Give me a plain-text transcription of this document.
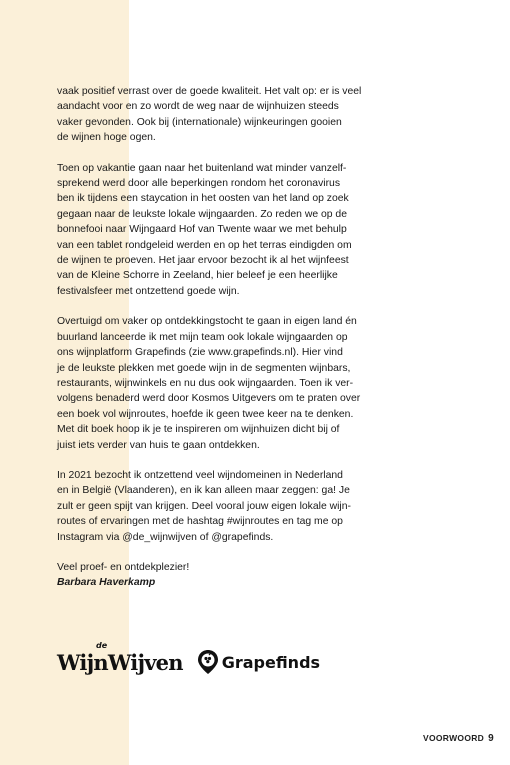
vaak positief verrast over de goede kwaliteit. Het valt op: er is veel
aandacht voor en zo wordt de weg naar de wijnhuizen steeds
vaker gevonden. Ook bij (internationale) wijnkeuringen gooien
de wijnen hoge ogen.

Toen op vakantie gaan naar het buitenland wat minder vanzelf-
sprekend werd door alle beperkingen rondom het coronavirus
ben ik tijdens een staycation in het oosten van het land op zoek
gegaan naar de leukste lokale wijngaarden. Zo reden we op de
bonnefooi naar Wijngaard Hof van Twente waar we met behulp
van een tablet rondgeleid werden en op het terras eindigden om
de wijnen te proeven. Het jaar ervoor bezocht ik al het wijnfeest
van de Kleine Schorre in Zeeland, hier beleef je een heerlijke
festivalsfeer met ontzettend goede wijn.

Overtuigd om vaker op ontdekkingstocht te gaan in eigen land én
buurland lanceerde ik met mijn team ook lokale wijngaarden op
ons wijnplatform Grapefinds (zie www.grapefinds.nl). Hier vind
je de leukste plekken met goede wijn in de segmenten wijnbars,
restaurants, wijnwinkels en nu dus ook wijngaarden. Toen ik ver-
volgens benaderd werd door Kosmos Uitgevers om te praten over
een boek vol wijnroutes, hoefde ik geen twee keer na te denken.
Met dit boek hoop ik je te inspireren om wijnhuizen dicht bij of
juist iets verder van huis te gaan ontdekken.

In 2021 bezocht ik ontzettend veel wijndomeinen in Nederland
en in België (Vlaanderen), en ik kan alleen maar zeggen: ga! Je
zult er geen spijt van krijgen. Deel vooral jouw eigen lokale wijn-
routes of ervaringen met de hashtag #wijnroutes en tag me op
Instagram via @de_wijnwijven of @grapefinds.

Veel proef- en ontdekplezier!
Barbara Haverkamp

de
WijnWijven Grapefinds
VOORWOORD 9
